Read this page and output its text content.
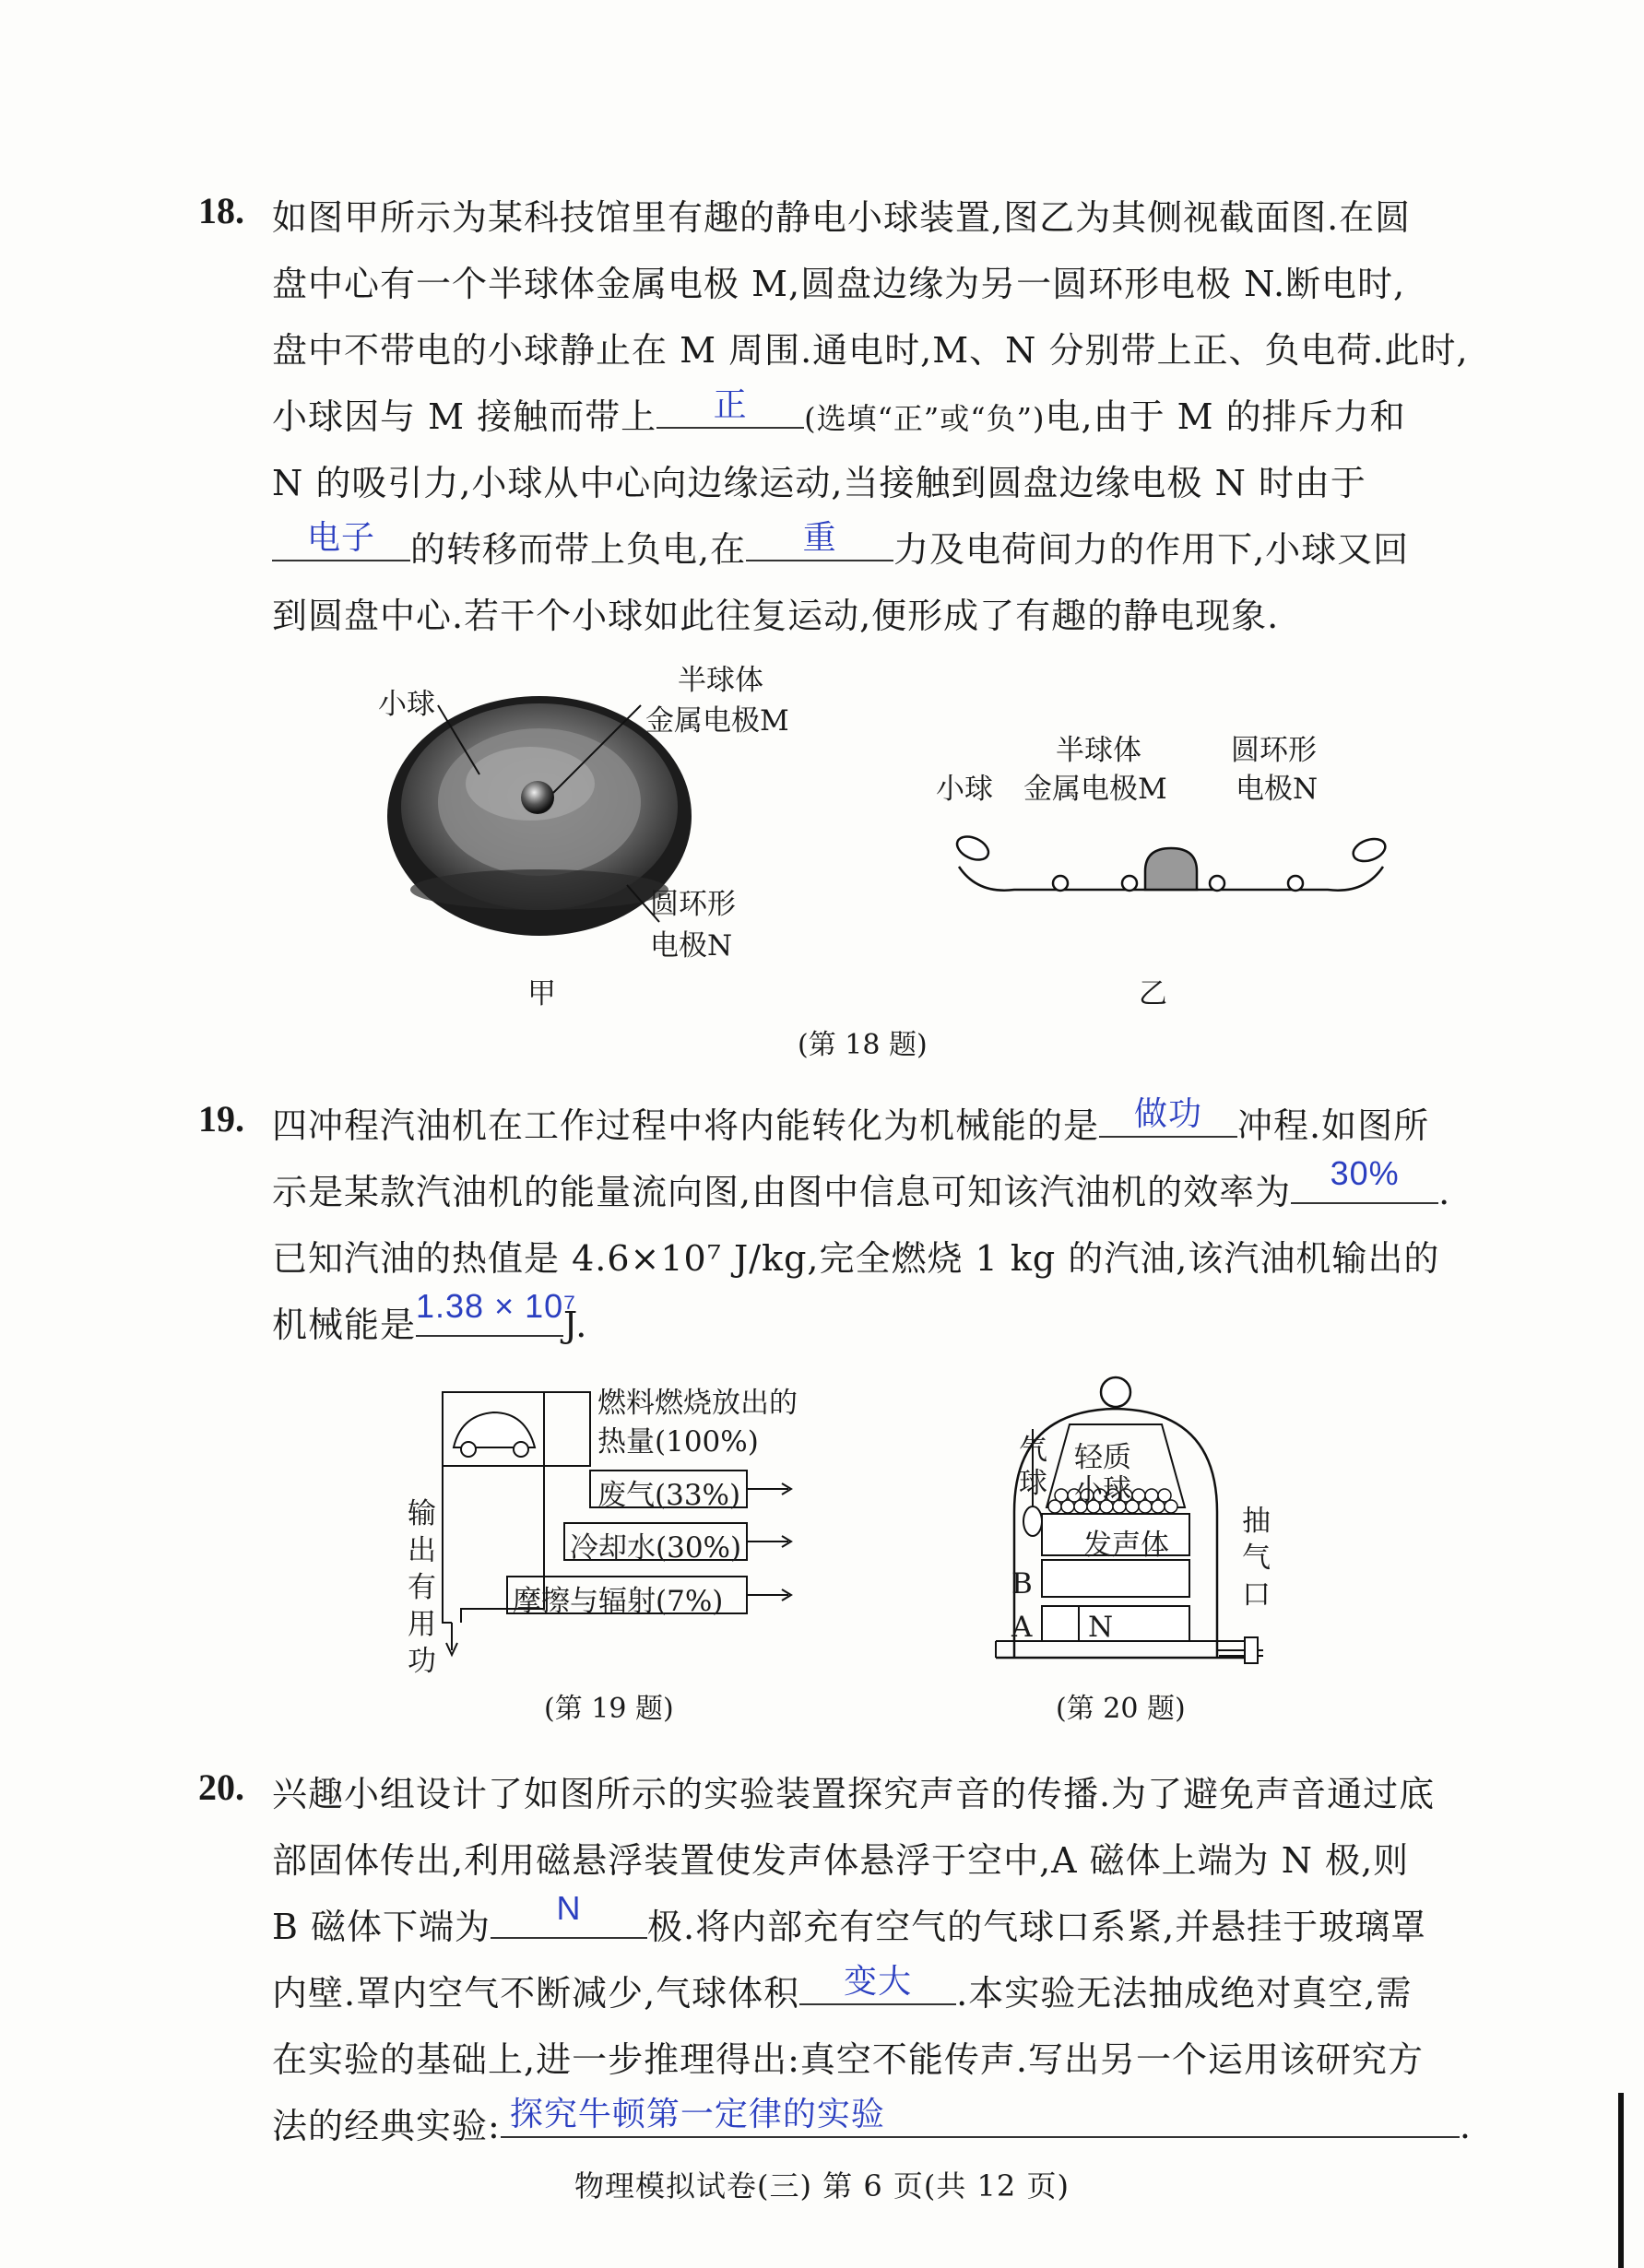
18. 如图甲所示为某科技馆里有趣的静电小球装置,图乙为其侧视截面图.在圆
盘中心有一个半球体金属电极 M,圆盘边缘为另一圆环形电极 N.断电时,
盘中不带电的小球静止在 M 周围.通电时,M、N 分别带上正、负电荷.此时,
小球因与 M 接触而带上	正	(选填“正”或“负”)电,由于 M 的排斥力和
N 的吸引力,小球从中心向边缘运动,当接触到圆盘边缘电极 N 时由于
电子	的转移而带上负电,在	重	力及电荷间力的作用下,小球又回
到圆盘中心.若干个小球如此往复运动,便形成了有趣的静电现象.
小球
半球体
金属电极M
圆环形
电极N
甲
小球
半球体
金属电极M
圆环形
电极N
乙
(第 18 题)
19. 四冲程汽油机在工作过程中将内能转化为机械能的是	做功	冲程.如图所
示是某款汽油机的能量流向图,由图中信息可知该汽油机的效率为	30%	.
已知汽油的热值是 4.6×10⁷ J/kg,完全燃烧 1 kg 的汽油,该汽油机输出的
机械能是 1.38 × 10⁷
J.
燃料燃烧放出的
热量(100%)
废气(33%)
冷却水(30%)
摩擦与辐射(7%)
输
出
有
用
功
(第 19 题)
气
球
轻质
小球
发声体
B
A N
抽
气
口
(第 20 题)
20. 兴趣小组设计了如图所示的实验装置探究声音的传播.为了避免声音通过底
部固体传出,利用磁悬浮装置使发声体悬浮于空中,A 磁体上端为 N 极,则
B 磁体下端为	N	极.将内部充有空气的气球口系紧,并悬挂于玻璃罩
内壁.罩内空气不断减少,气球体积	变大	.本实验无法抽成绝对真空,需
在实验的基础上,进一步推理得出:真空不能传声.写出另一个运用该研究方
法的经典实验: 探究牛顿第一定律的实验	.
物理模拟试卷(三) 第 6 页(共 12 页)
